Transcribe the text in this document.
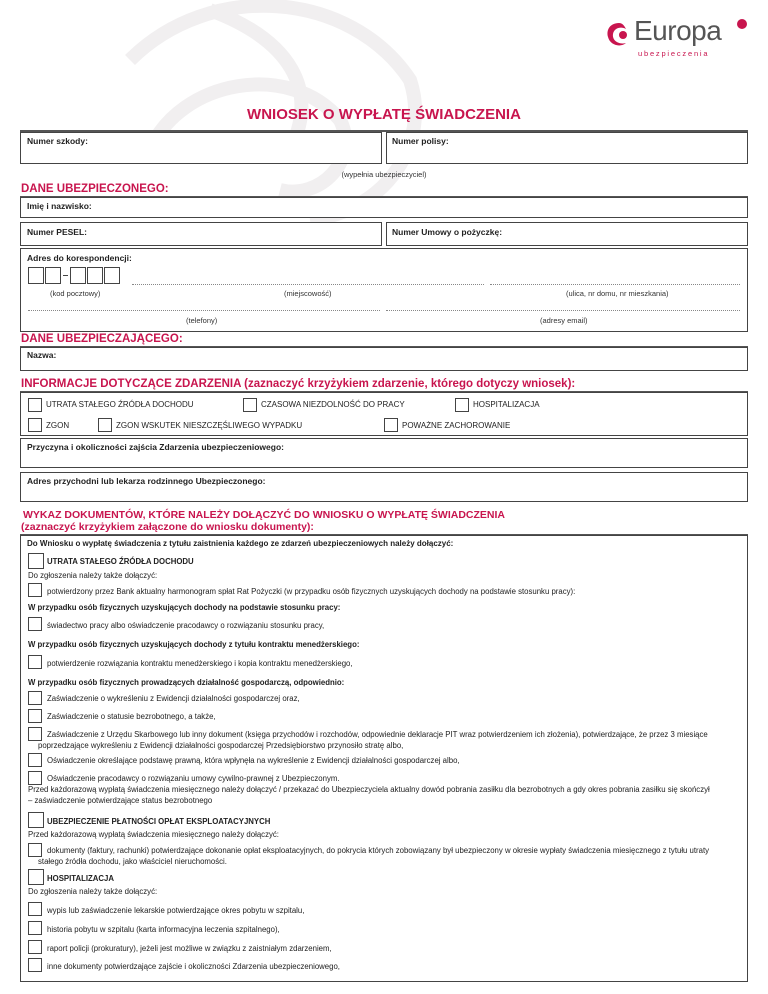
Europa
ubezpieczenia
WNIOSEK O WYPŁATĘ ŚWIADCZENIA
Numer szkody:	Numer polisy:
(wypełnia ubezpieczyciel)
DANE UBEZPIECZONEGO:
Imię i nazwisko:
Numer PESEL:	Numer Umowy o pożyczkę:
Adres do korespondencji:
(kod pocztowy)	(miejscowość)	(ulica, nr domu, nr mieszkania)
(telefony)	(adresy email)
DANE UBEZPIECZAJĄCEGO:
Nazwa:
INFORMACJE DOTYCZĄCE ZDARZENIA (zaznaczyć krzyżykiem zdarzenie, którego dotyczy wniosek):
UTRATA STAŁEGO ŹRÓDŁA DOCHODU	CZASOWA NIEZDOLNOŚĆ DO PRACY	HOSPITALIZACJA
ZGON	ZGON WSKUTEK NIESZCZĘŚLIWEGO WYPADKU	POWAŻNE ZACHOROWANIE
Przyczyna i okoliczności zajścia Zdarzenia ubezpieczeniowego:
Adres przychodni lub lekarza rodzinnego Ubezpieczonego:
WYKAZ DOKUMENTÓW, KTÓRE NALEŻY DOŁĄCZYĆ DO WNIOSKU O WYPŁATĘ ŚWIADCZENIA
(zaznaczyć krzyżykiem załączone do wniosku dokumenty):
Do Wniosku o wypłatę świadczenia z tytułu zaistnienia każdego ze zdarzeń ubezpieczeniowych należy dołączyć:
UTRATA STAŁEGO ŹRÓDŁA DOCHODU
Do zgłoszenia należy także dołączyć:
potwierdzony przez Bank aktualny harmonogram spłat Rat Pożyczki (w przypadku osób fizycznych uzyskujących dochody na podstawie stosunku pracy):
W przypadku osób fizycznych uzyskujących dochody na podstawie stosunku pracy:
świadectwo pracy albo oświadczenie pracodawcy o rozwiązaniu stosunku pracy,
W przypadku osób fizycznych uzyskujących dochody z tytułu kontraktu menedżerskiego:
potwierdzenie rozwiązania kontraktu menedżerskiego i kopia kontraktu menedżerskiego,
W przypadku osób fizycznych prowadzących działalność gospodarczą, odpowiednio:
Zaświadczenie o wykreśleniu z Ewidencji działalności gospodarczej oraz,
Zaświadczenie o statusie bezrobotnego, a także,
Zaświadczenie z Urzędu Skarbowego lub inny dokument (księga przychodów i rozchodów, odpowiednie deklaracje PIT wraz potwierdzeniem ich złożenia), potwierdzające, że przez 3 miesiące
poprzedzające wykreśleniu z Ewidencji działalności gospodarczej Przedsiębiorstwo przynosiło stratę albo,
Oświadczenie określające podstawę prawną, która wpłynęła na wykreślenie z Ewidencji działalności gospodarczej albo,
Oświadczenie pracodawcy o rozwiązaniu umowy cywilno-prawnej z Ubezpieczonym.
Przed każdorazową wypłatą świadczenia miesięcznego należy dołączyć / przekazać do Ubezpieczyciela aktualny dowód pobrania zasiłku dla bezrobotnych a gdy okres pobrania zasiłku się skończył
– zaświadczenie potwierdzające status bezrobotnego
UBEZPIECZENIE PŁATNOŚCI OPŁAT EKSPLOATACYJNYCH
Przed każdorazową wypłatą świadczenia miesięcznego należy dołączyć:
dokumenty (faktury, rachunki) potwierdzające dokonanie opłat eksploatacyjnych, do pokrycia których zobowiązany był ubezpieczony w okresie wypłaty świadczenia miesięcznego z tytułu utraty
stałego źródła dochodu, jako właściciel nieruchomości.
HOSPITALIZACJA
Do zgłoszenia należy także dołączyć:
wypis lub zaświadczenie lekarskie potwierdzające okres pobytu w szpitalu,
historia pobytu w szpitalu (karta informacyjna leczenia szpitalnego),
raport policji (prokuratury), jeżeli jest możliwe w związku z zaistniałym zdarzeniem,
inne dokumenty potwierdzające zajście i okoliczności Zdarzenia ubezpieczeniowego,
